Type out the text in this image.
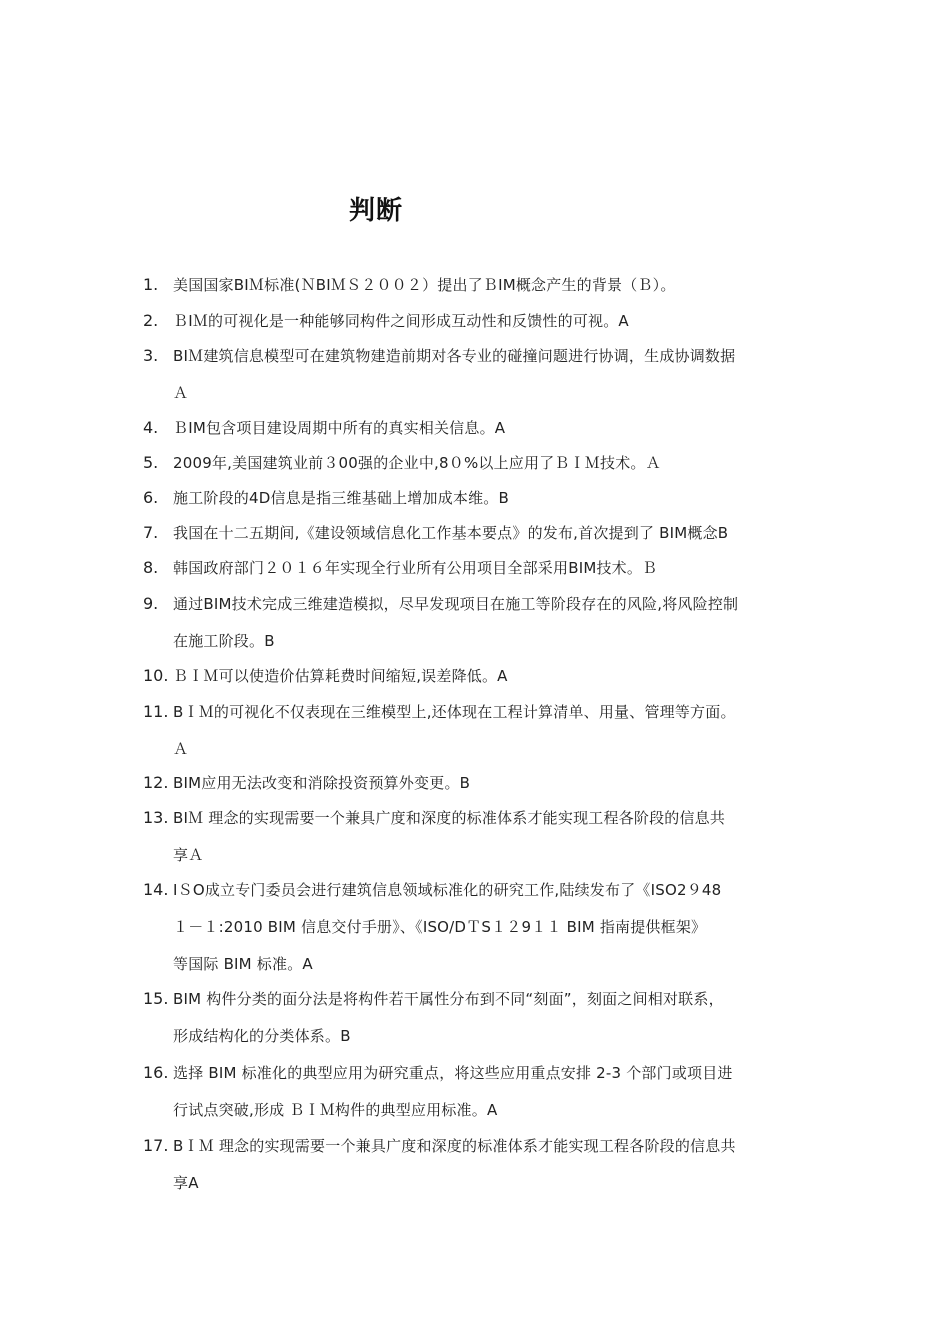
判断
1. 美国国家BIＭ标准(ＮBIＭＳ２００２）提出了ＢIM概念产生的背景（Ｂ）。
2. ＢIＭ的可视化是一种能够同构件之间形成互动性和反馈性的可视。A
3. BIＭ建筑信息模型可在建筑物建造前期对各专业的碰撞问题进行协调，生成协调数据
Ａ
4. ＢIM包含项目建设周期中所有的真实相关信息。A
5. 2009年,美国建筑业前３00强的企业中,8０%以上应用了ＢＩＭ技术。Ａ
6. 施工阶段的4D信息是指三维基础上增加成本维。B
7. 我国在十二五期间,《建设领域信息化工作基本要点》的发布,首次提到了 BIM概念B
8. 韩国政府部门２０１６年实现全行业所有公用项目全部采用BIM技术。Ｂ
9. 通过BIM技术完成三维建造模拟，尽早发现项目在施工等阶段存在的风险,将风险控制
在施工阶段。B
10. ＢＩＭ可以使造价估算耗费时间缩短,误差降低。A
11. BＩＭ的可视化不仅表现在三维模型上,还体现在工程计算清单、用量、管理等方面。
Ａ
12. BIM应用无法改变和消除投资预算外变更。B
13. BIＭ 理念的实现需要一个兼具广度和深度的标准体系才能实现工程各阶段的信息共
享Ａ
14. IＳO成立专门委员会进行建筑信息领域标准化的研究工作,陆续发布了《ISO2９48
１－１:2010 BIM 信息交付手册》、《ISO/DＴS１２9１１ BIM 指南提供框架》
等国际 BIM 标准。A
15. BIM 构件分类的面分法是将构件若干属性分布到不同“刻面”，刻面之间相对联系，
形成结构化的分类体系。B
16. 选择 BIM 标准化的典型应用为研究重点，将这些应用重点安排 2-3 个部门或项目进
行试点突破,形成 ＢＩＭ构件的典型应用标准。A
17. BＩＭ 理念的实现需要一个兼具广度和深度的标准体系才能实现工程各阶段的信息共
享A
